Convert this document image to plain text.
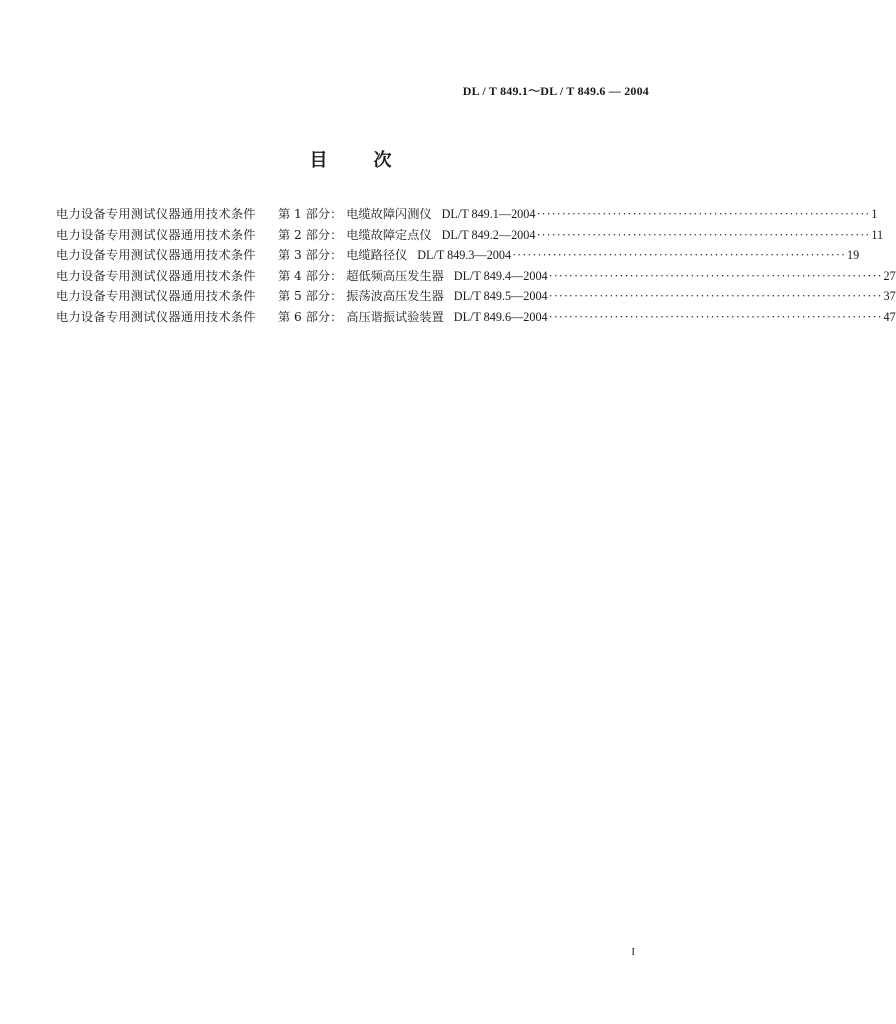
DL / T 849.1～DL / T 849.6 — 2004
目	次
电力设备专用测试仪器通用技术条件	第 1 部分： 电缆故障闪测仪 DL/T 849.1—2004 ·································································· 1
电力设备专用测试仪器通用技术条件	第 2 部分： 电缆故障定点仪 DL/T 849.2—2004 ·································································· 11
电力设备专用测试仪器通用技术条件	第 3 部分： 电缆路径仪 DL/T 849.3—2004 ·································································· 19
电力设备专用测试仪器通用技术条件	第 4 部分： 超低频高压发生器 DL/T 849.4—2004 ·································································· 27
电力设备专用测试仪器通用技术条件	第 5 部分： 振荡波高压发生器 DL/T 849.5—2004 ·································································· 37
电力设备专用测试仪器通用技术条件	第 6 部分： 高压谐振试验装置 DL/T 849.6—2004 ·································································· 47
I
